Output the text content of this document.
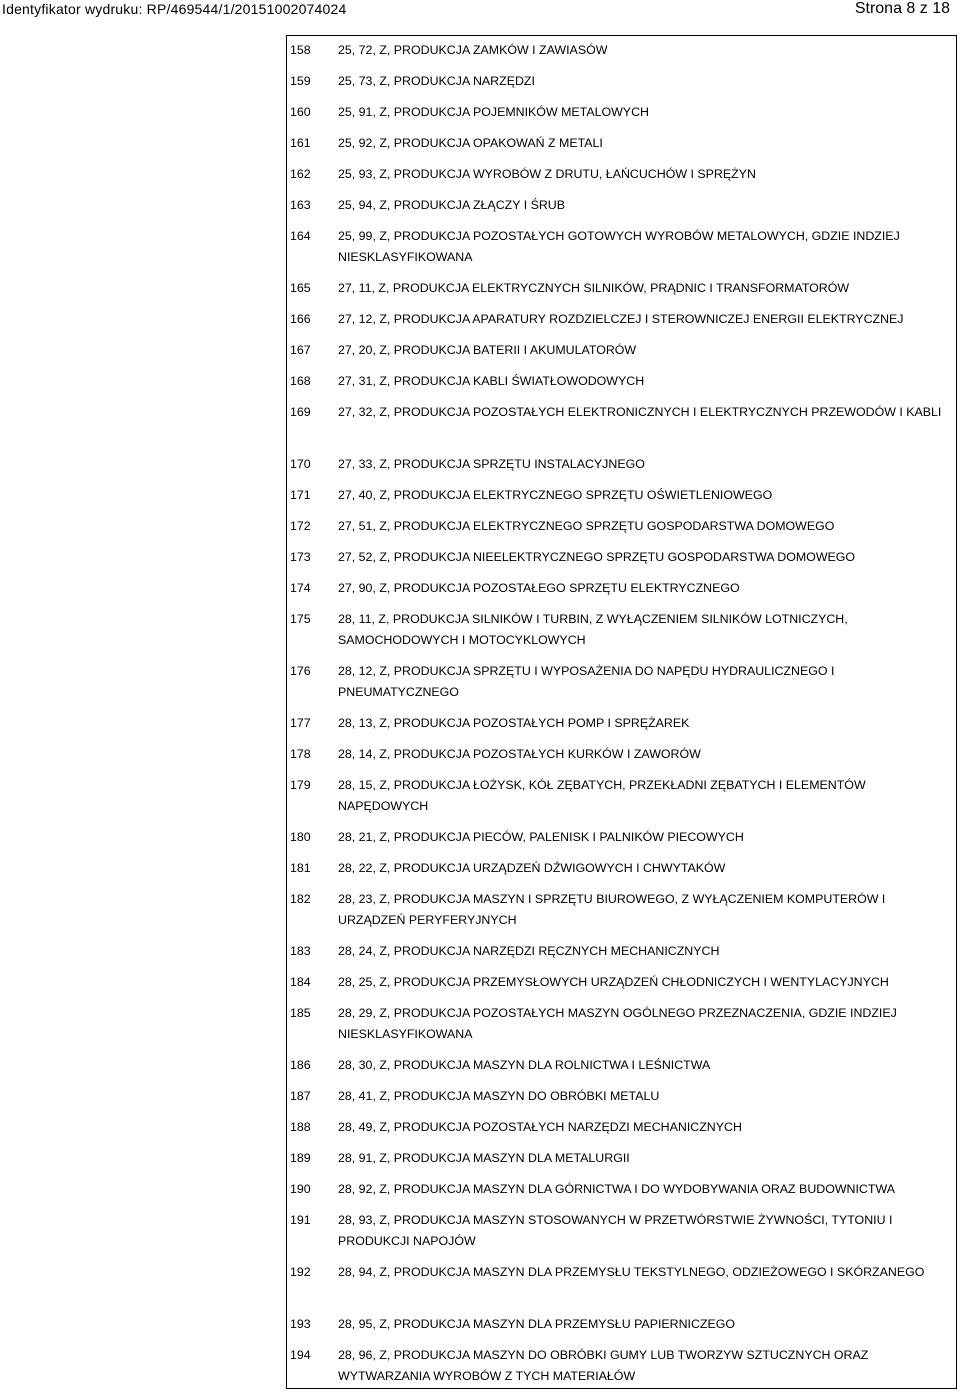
Identyfikator wydruku: RP/469544/1/20151002074024	Strona 8 z 18
158	25, 72, Z, PRODUKCJA ZAMKÓW I ZAWIASÓW
159	25, 73, Z, PRODUKCJA NARZĘDZI
160	25, 91, Z, PRODUKCJA POJEMNIKÓW METALOWYCH
161	25, 92, Z, PRODUKCJA OPAKOWAŃ Z METALI
162	25, 93, Z, PRODUKCJA WYROBÓW Z DRUTU, ŁAŃCUCHÓW I SPRĘŻYN
163	25, 94, Z, PRODUKCJA ZŁĄCZY I ŚRUB
164	25, 99, Z, PRODUKCJA POZOSTAŁYCH GOTOWYCH WYROBÓW METALOWYCH, GDZIE INDZIEJ NIESKLASYFIKOWANA
165	27, 11, Z, PRODUKCJA ELEKTRYCZNYCH SILNIKÓW, PRĄDNIC I TRANSFORMATORÓW
166	27, 12, Z, PRODUKCJA APARATURY ROZDZIELCZEJ I STEROWNICZEJ ENERGII ELEKTRYCZNEJ
167	27, 20, Z, PRODUKCJA BATERII I AKUMULATORÓW
168	27, 31, Z, PRODUKCJA KABLI ŚWIATŁOWODOWYCH
169	27, 32, Z, PRODUKCJA POZOSTAŁYCH ELEKTRONICZNYCH I ELEKTRYCZNYCH PRZEWODÓW I KABLI
170	27, 33, Z, PRODUKCJA SPRZĘTU INSTALACYJNEGO
171	27, 40, Z, PRODUKCJA ELEKTRYCZNEGO SPRZĘTU OŚWIETLENIOWEGO
172	27, 51, Z, PRODUKCJA ELEKTRYCZNEGO SPRZĘTU GOSPODARSTWA DOMOWEGO
173	27, 52, Z, PRODUKCJA NIEELEKTRYCZNEGO SPRZĘTU GOSPODARSTWA DOMOWEGO
174	27, 90, Z, PRODUKCJA POZOSTAŁEGO SPRZĘTU ELEKTRYCZNEGO
175	28, 11, Z, PRODUKCJA SILNIKÓW I TURBIN, Z WYŁĄCZENIEM SILNIKÓW LOTNICZYCH, SAMOCHODOWYCH I MOTOCYKLOWYCH
176	28, 12, Z, PRODUKCJA SPRZĘTU I WYPOSAŻENIA DO NAPĘDU HYDRAULICZNEGO I PNEUMATYCZNEGO
177	28, 13, Z, PRODUKCJA POZOSTAŁYCH POMP I SPRĘŻAREK
178	28, 14, Z, PRODUKCJA POZOSTAŁYCH KURKÓW I ZAWORÓW
179	28, 15, Z, PRODUKCJA ŁOŻYSK, KÓŁ ZĘBATYCH, PRZEKŁADNI ZĘBATYCH I ELEMENTÓW NAPĘDOWYCH
180	28, 21, Z, PRODUKCJA PIECÓW, PALENISK I PALNIKÓW PIECOWYCH
181	28, 22, Z, PRODUKCJA URZĄDZEŃ DŹWIGOWYCH I CHWYTAKÓW
182	28, 23, Z, PRODUKCJA MASZYN I SPRZĘTU BIUROWEGO, Z WYŁĄCZENIEM KOMPUTERÓW I URZĄDZEŃ PERYFERYJNYCH
183	28, 24, Z, PRODUKCJA NARZĘDZI RĘCZNYCH MECHANICZNYCH
184	28, 25, Z, PRODUKCJA PRZEMYSŁOWYCH URZĄDZEŃ CHŁODNICZYCH I WENTYLACYJNYCH
185	28, 29, Z, PRODUKCJA POZOSTAŁYCH MASZYN OGÓLNEGO PRZEZNACZENIA, GDZIE INDZIEJ NIESKLASYFIKOWANA
186	28, 30, Z, PRODUKCJA MASZYN DLA ROLNICTWA I LEŚNICTWA
187	28, 41, Z, PRODUKCJA MASZYN DO OBRÓBKI METALU
188	28, 49, Z, PRODUKCJA POZOSTAŁYCH NARZĘDZI MECHANICZNYCH
189	28, 91, Z, PRODUKCJA MASZYN DLA METALURGII
190	28, 92, Z, PRODUKCJA MASZYN DLA GÓRNICTWA I DO WYDOBYWANIA ORAZ BUDOWNICTWA
191	28, 93, Z, PRODUKCJA MASZYN STOSOWANYCH W PRZETWÓRSTWIE ŻYWNOŚCI, TYTONIU I PRODUKCJI NAPOJÓW
192	28, 94, Z, PRODUKCJA MASZYN DLA PRZEMYSŁU TEKSTYLNEGO, ODZIEŻOWEGO I SKÓRZANEGO
193	28, 95, Z, PRODUKCJA MASZYN DLA PRZEMYSŁU PAPIERNICZEGO
194	28, 96, Z, PRODUKCJA MASZYN DO OBRÓBKI GUMY LUB TWORZYW SZTUCZNYCH ORAZ WYTWARZANIA WYROBÓW Z TYCH MATERIAŁÓW
